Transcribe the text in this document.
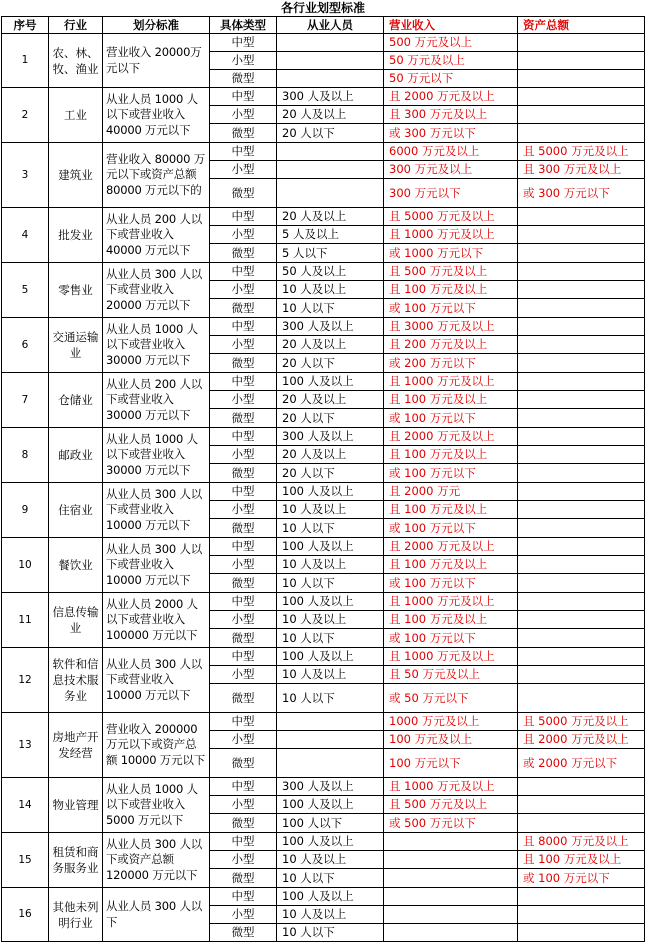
各行业划型标准
序号	行业	划分标准	具体类型	从业人员	营业收入	资产总额
1	农、林、牧、渔业	营业收入 20000万元以下	中型		500 万元及以上	
			小型		50 万元及以上	
			微型		50 万元以下	
2	工业	从业人员 1000 人以下或营业收入 40000 万元以下	中型	300 人及以上	且 2000 万元及以上	
			小型	20 人及以上	且 300 万元及以上	
			微型	20 人以下	或 300 万元以下	
3	建筑业	营业收入 80000 万元以下或资产总额 80000 万元以下的	中型		6000 万元及以上	且 5000 万元及以上
			小型		300 万元及以上	且 300 万元及以上
			微型		300 万元以下	或 300 万元以下
4	批发业	从业人员 200 人以下或营业收入 40000 万元以下	中型	20 人及以上	且 5000 万元及以上	
			小型	5 人及以上	且 1000 万元及以上	
			微型	5 人以下	或 1000 万元以下	
5	零售业	从业人员 300 人以下或营业收入 20000 万元以下	中型	50 人及以上	且 500 万元及以上	
			小型	10 人及以上	且 100 万元及以上	
			微型	10 人以下	或 100 万元以下	
6	交通运输业	从业人员 1000 人以下或营业收入 30000 万元以下	中型	300 人及以上	且 3000 万元及以上	
			小型	20 人及以上	且 200 万元及以上	
			微型	20 人以下	或 200 万元以下	
7	仓储业	从业人员 200 人以下或营业收入 30000 万元以下	中型	100 人及以上	且 1000 万元及以上	
			小型	20 人及以上	且 100 万元及以上	
			微型	20 人以下	或 100 万元以下	
8	邮政业	从业人员 1000 人以下或营业收入 30000 万元以下	中型	300 人及以上	且 2000 万元及以上	
			小型	20 人及以上	且 100 万元及以上	
			微型	20 人以下	或 100 万元以下	
9	住宿业	从业人员 300 人以下或营业收入 10000 万元以下	中型	100 人及以上	且 2000 万元	
			小型	10 人及以上	且 100 万元及以上	
			微型	10 人以下	或 100 万元以下	
10	餐饮业	从业人员 300 人以下或营业收入 10000 万元以下	中型	100 人及以上	且 2000 万元及以上	
			小型	10 人及以上	且 100 万元及以上	
			微型	10 人以下	或 100 万元以下	
11	信息传输业	从业人员 2000 人以下或营业收入 100000 万元以下	中型	100 人及以上	且 1000 万元及以上	
			小型	10 人及以上	且 100 万元及以上	
			微型	10 人以下	或 100 万元以下	
12	软件和信息技术服务业	从业人员 300 人以下或营业收入 10000 万元以下	中型	100 人及以上	且 1000 万元及以上	
			小型	10 人及以上	且 50 万元及以上	
			微型	10 人以下	或 50 万元以下	
13	房地产开发经营	营业收入 200000 万元以下或资产总额 10000 万元以下	中型		1000 万元及以上	且 5000 万元及以上
			小型		100 万元及以上	且 2000 万元及以上
			微型		100 万元以下	或 2000 万元以下
14	物业管理	从业人员 1000 人以下或营业收入 5000 万元以下	中型	300 人及以上	且 1000 万元及以上	
			小型	100 人及以上	且 500 万元及以上	
			微型	100 人以下	或 500 万元以下	
15	租赁和商务服务业	从业人员 300 人以下或资产总额 120000 万元以下	中型	100 人及以上		且 8000 万元及以上
			小型	10 人及以上		且 100 万元及以上
			微型	10 人以下		或 100 万元以下
16	其他未列明行业	从业人员 300 人以下	中型	100 人及以上		
			小型	10 人及以上		
			微型	10 人以下		
